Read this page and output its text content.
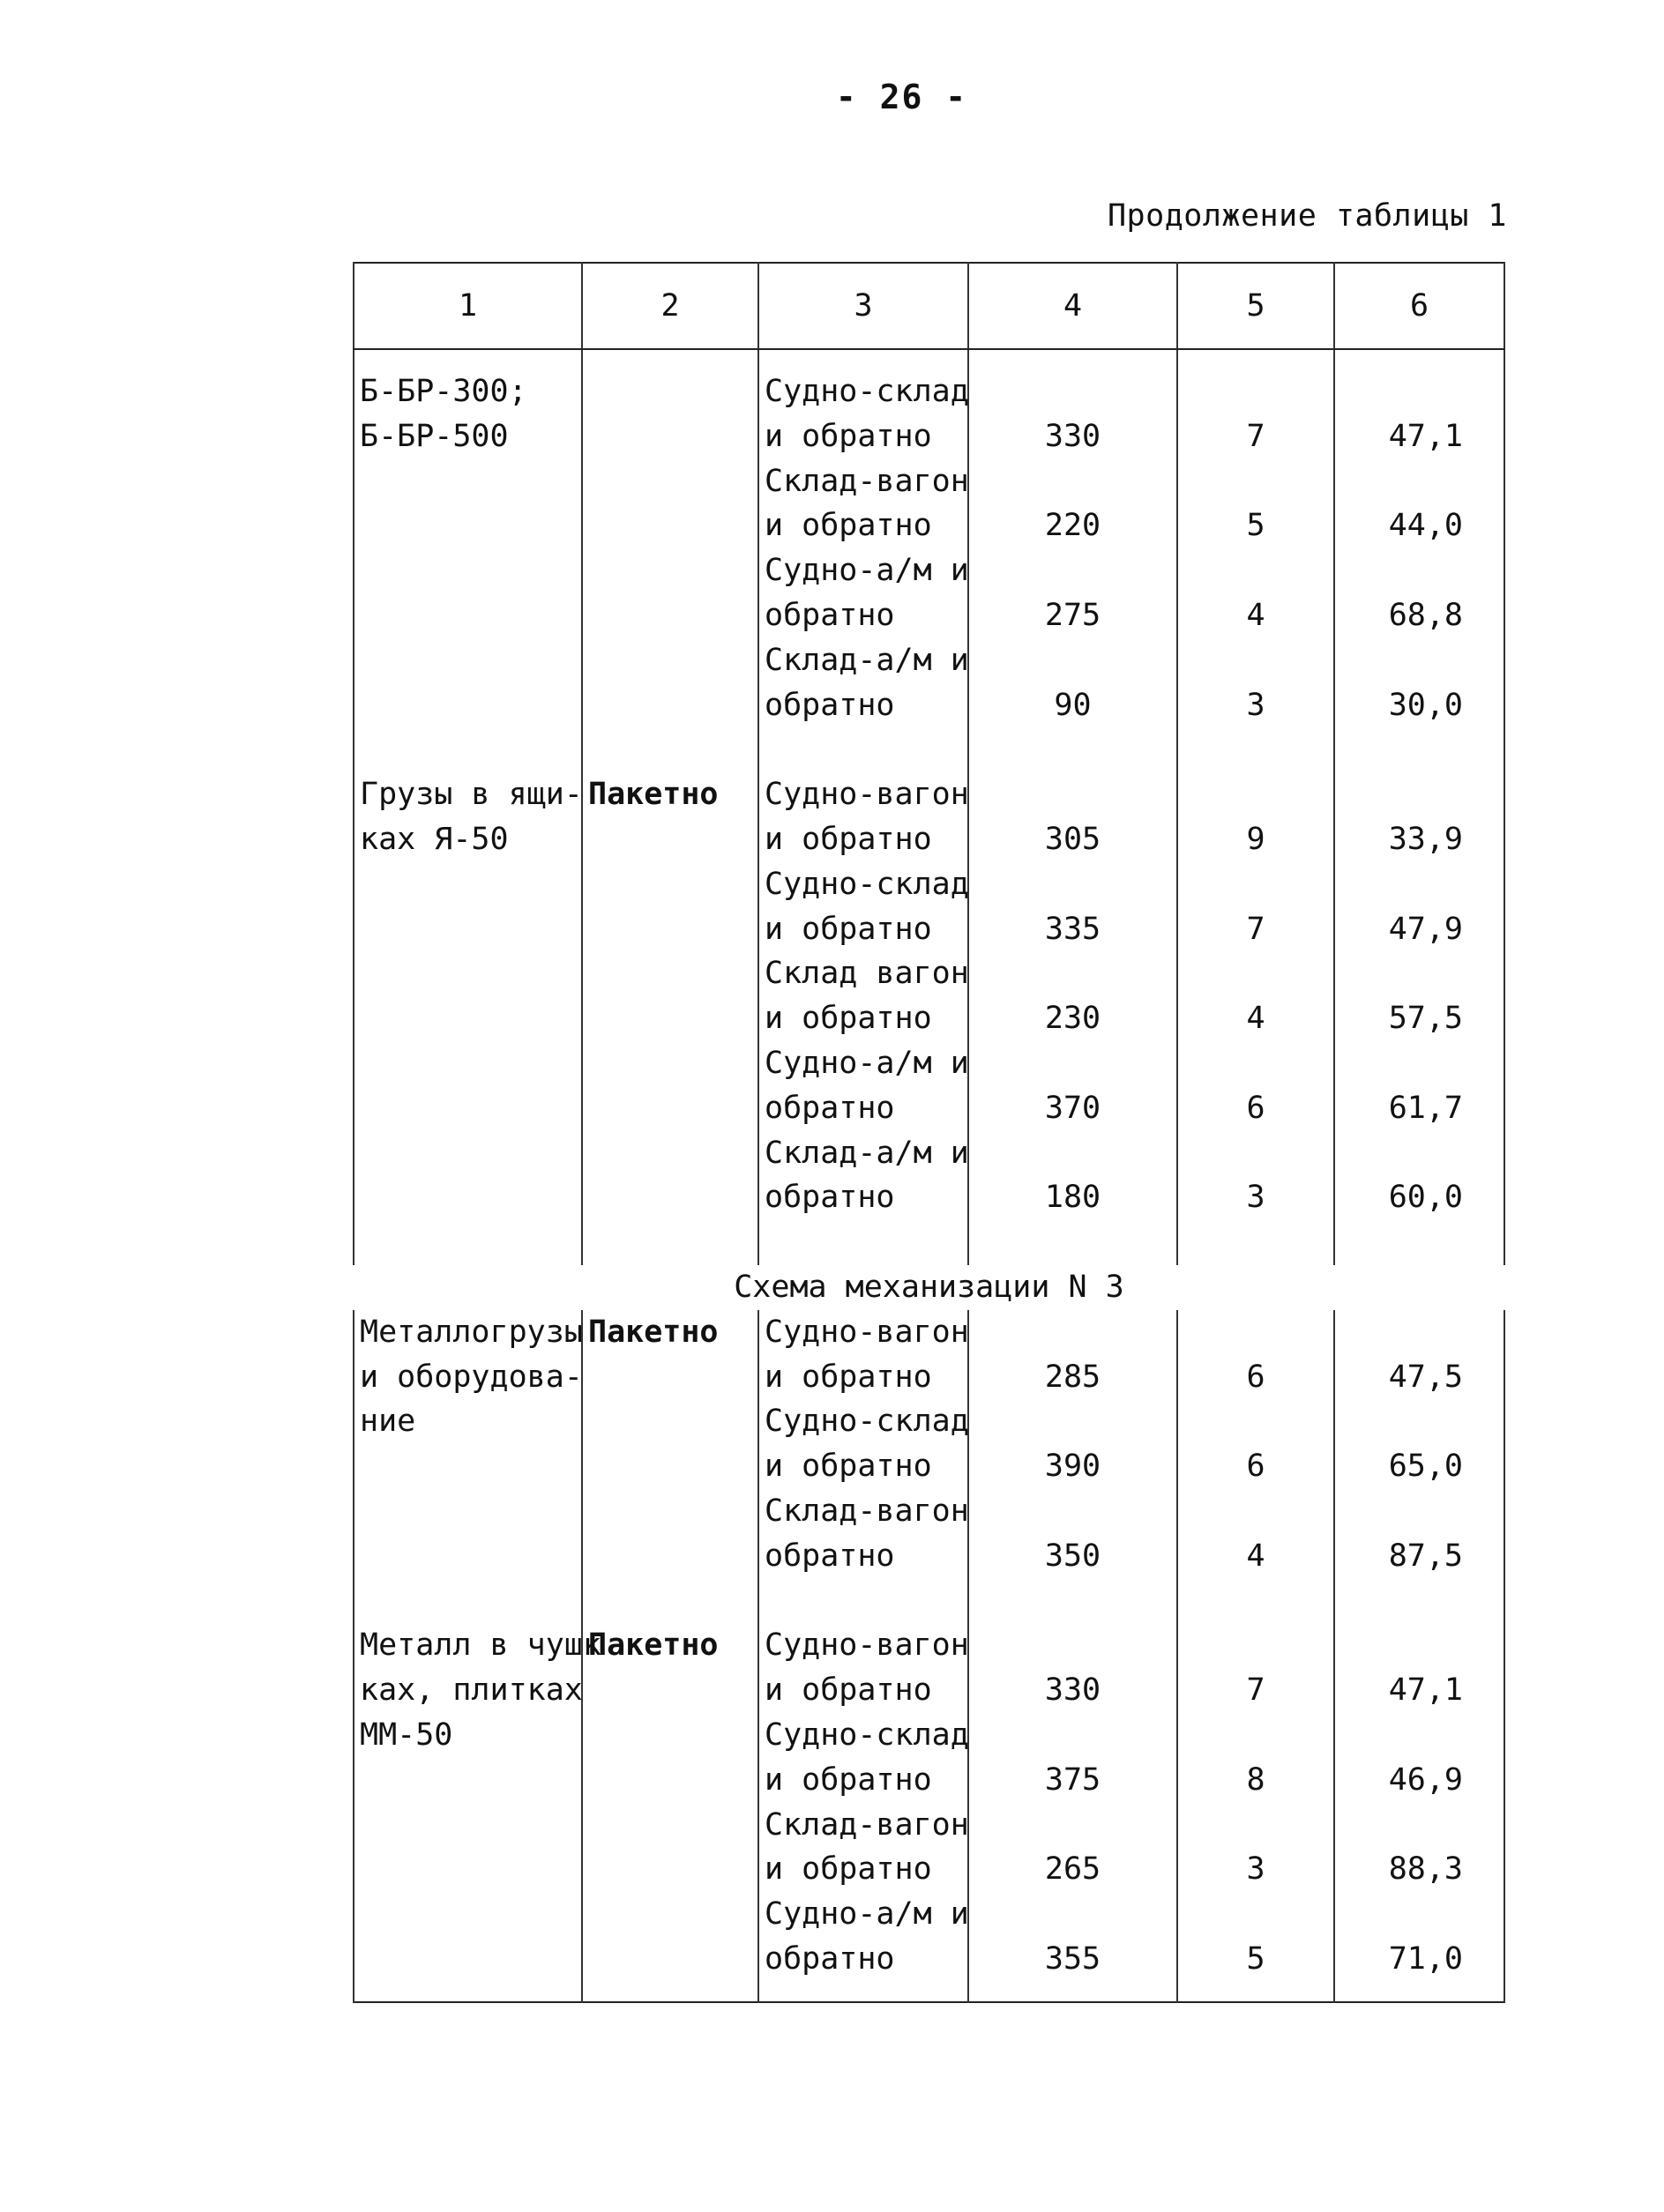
- 26 -
Продолжение таблицы 1
1	2	3	4	5	6

Б-БР-300;		Судно-склад			
Б-БР-500		и обратно	330	7	47,1
		Склад-вагон			
		и обратно	220	5	44,0
		Судно-а/м и			
		обратно	275	4	68,8
		Склад-а/м и			
		обратно	90	3	30,0

Грузы в ящи-	Пакетно	Судно-вагон			
ках Я-50		и обратно	305	9	33,9
		Судно-склад			
		и обратно	335	7	47,9
		Склад вагон			
		и обратно	230	4	57,5
		Судно-а/м и			
		обратно	370	6	61,7
		Склад-а/м и			
		обратно	180	3	60,0

Схема механизации N 3					
Металлогрузы	Пакетно	Судно-вагон			
и оборудова-		и обратно	285	6	47,5
ние		Судно-склад			
		и обратно	390	6	65,0
		Склад-вагон			
		обратно	350	4	87,5

Металл в чушк	Пакетно	Судно-вагон			
ках, плитках		и обратно	330	7	47,1
ММ-50		Судно-склад			
		и обратно	375	8	46,9
		Склад-вагон			
		и обратно	265	3	88,3
		Судно-а/м и			
		обратно	355	5	71,0
